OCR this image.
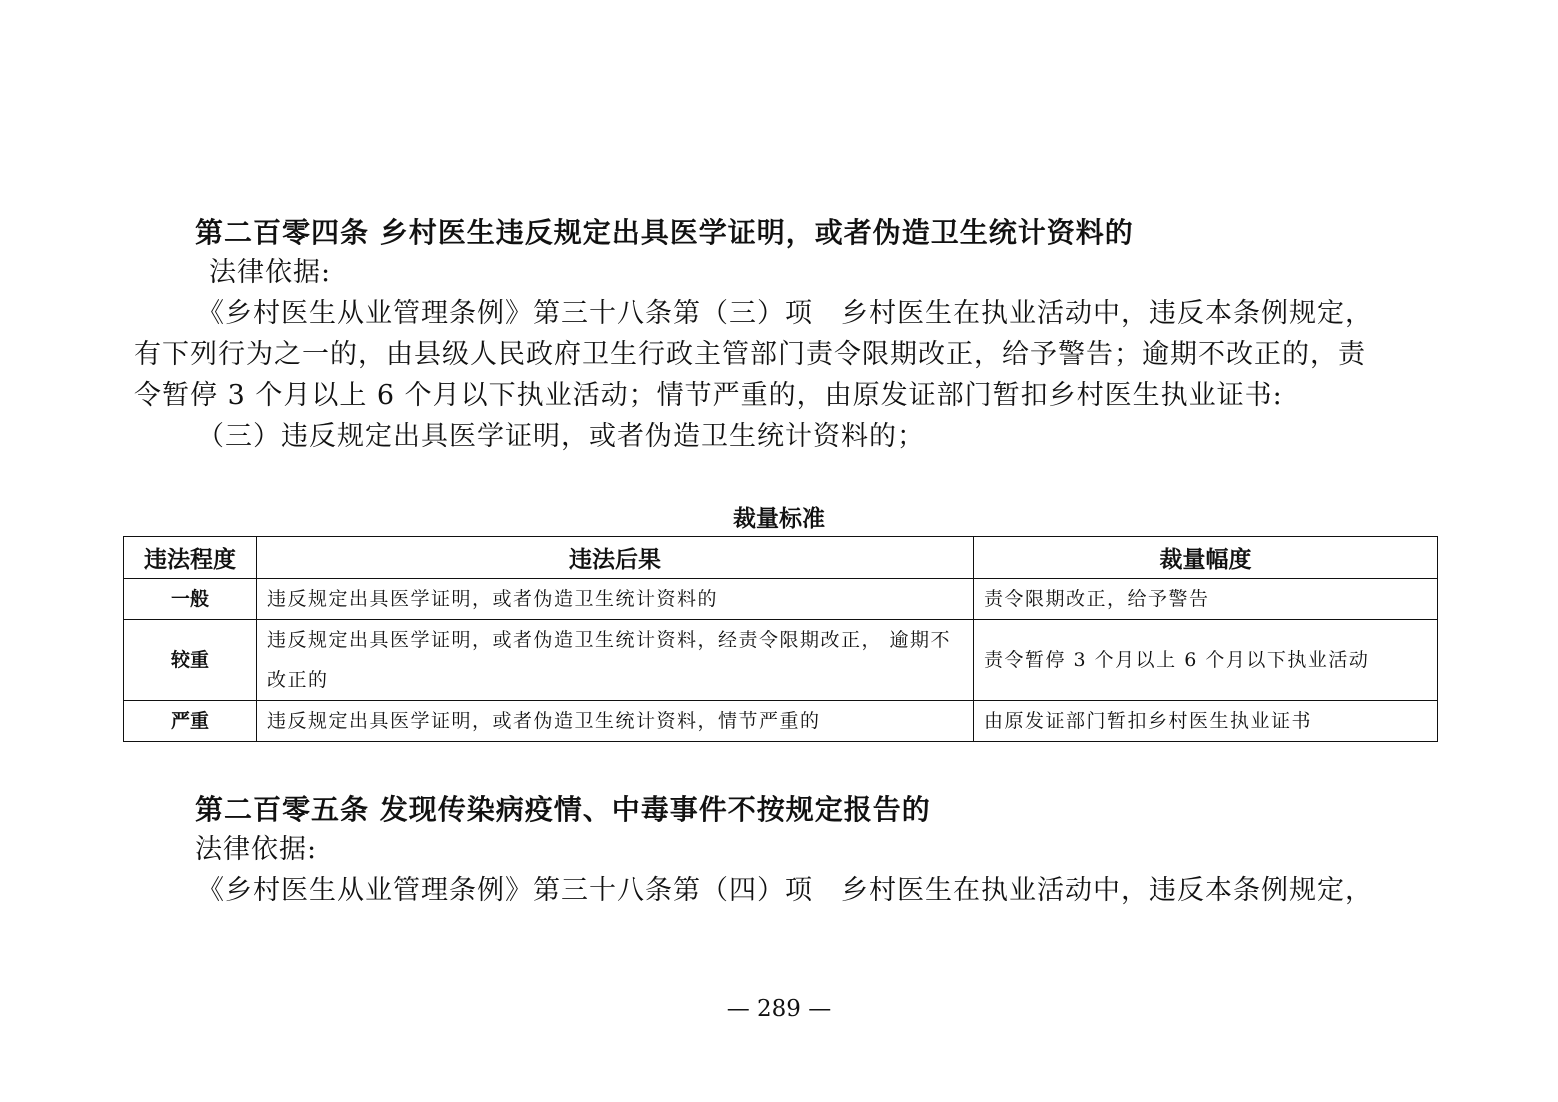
第二百零四条 乡村医生违反规定出具医学证明，或者伪造卫生统计资料的
法律依据:
《乡村医生从业管理条例》第三十八条第（三）项　乡村医生在执业活动中，违反本条例规定，
有下列行为之一的，由县级人民政府卫生行政主管部门责令限期改正，给予警告；逾期不改正的，责
令暂停 3 个月以上 6 个月以下执业活动；情节严重的，由原发证部门暂扣乡村医生执业证书:
（三）违反规定出具医学证明，或者伪造卫生统计资料的；
裁量标准
违法程度	违法后果	裁量幅度
一般	违反规定出具医学证明，或者伪造卫生统计资料的	责令限期改正，给予警告
较重	违反规定出具医学证明，或者伪造卫生统计资料，经责令限期改正， 逾期不改正的	责令暂停 3 个月以上 6 个月以下执业活动
严重	违反规定出具医学证明，或者伪造卫生统计资料，情节严重的	由原发证部门暂扣乡村医生执业证书
第二百零五条 发现传染病疫情、中毒事件不按规定报告的
法律依据:
《乡村医生从业管理条例》第三十八条第（四）项　乡村医生在执业活动中，违反本条例规定，
— 289 —
